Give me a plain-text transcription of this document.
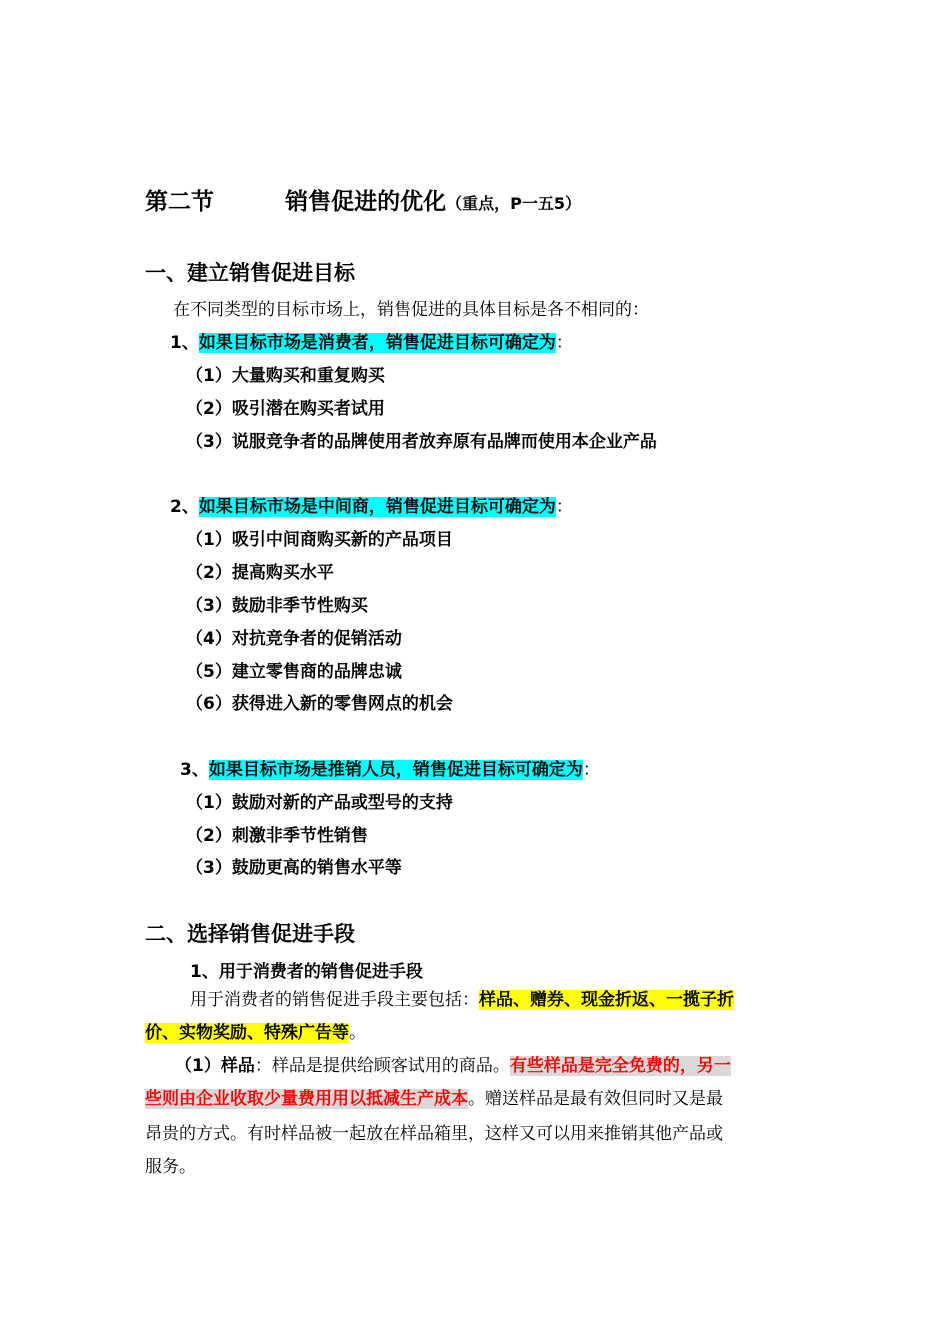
第二节	销售促进的优化（重点，P一五5）
一、建立销售促进目标
在不同类型的目标市场上，销售促进的具体目标是各不相同的：
1、如果目标市场是消费者，销售促进目标可确定为：
（1）大量购买和重复购买
（2）吸引潜在购买者试用
（3）说服竞争者的品牌使用者放弃原有品牌而使用本企业产品
2、如果目标市场是中间商，销售促进目标可确定为：
（1）吸引中间商购买新的产品项目
（2）提高购买水平
（3）鼓励非季节性购买
（4）对抗竞争者的促销活动
（5）建立零售商的品牌忠诚
（6）获得进入新的零售网点的机会
3、如果目标市场是推销人员，销售促进目标可确定为：
（1）鼓励对新的产品或型号的支持
（2）刺激非季节性销售
（3）鼓励更高的销售水平等
二、选择销售促进手段
1、用于消费者的销售促进手段
用于消费者的销售促进手段主要包括：样品、赠券、现金折返、一揽子折
价、实物奖励、特殊广告等。
（1）样品：样品是提供给顾客试用的商品。有些样品是完全免费的，另一
些则由企业收取少量费用用以抵减生产成本。赠送样品是最有效但同时又是最
昂贵的方式。有时样品被一起放在样品箱里，这样又可以用来推销其他产品或
服务。
